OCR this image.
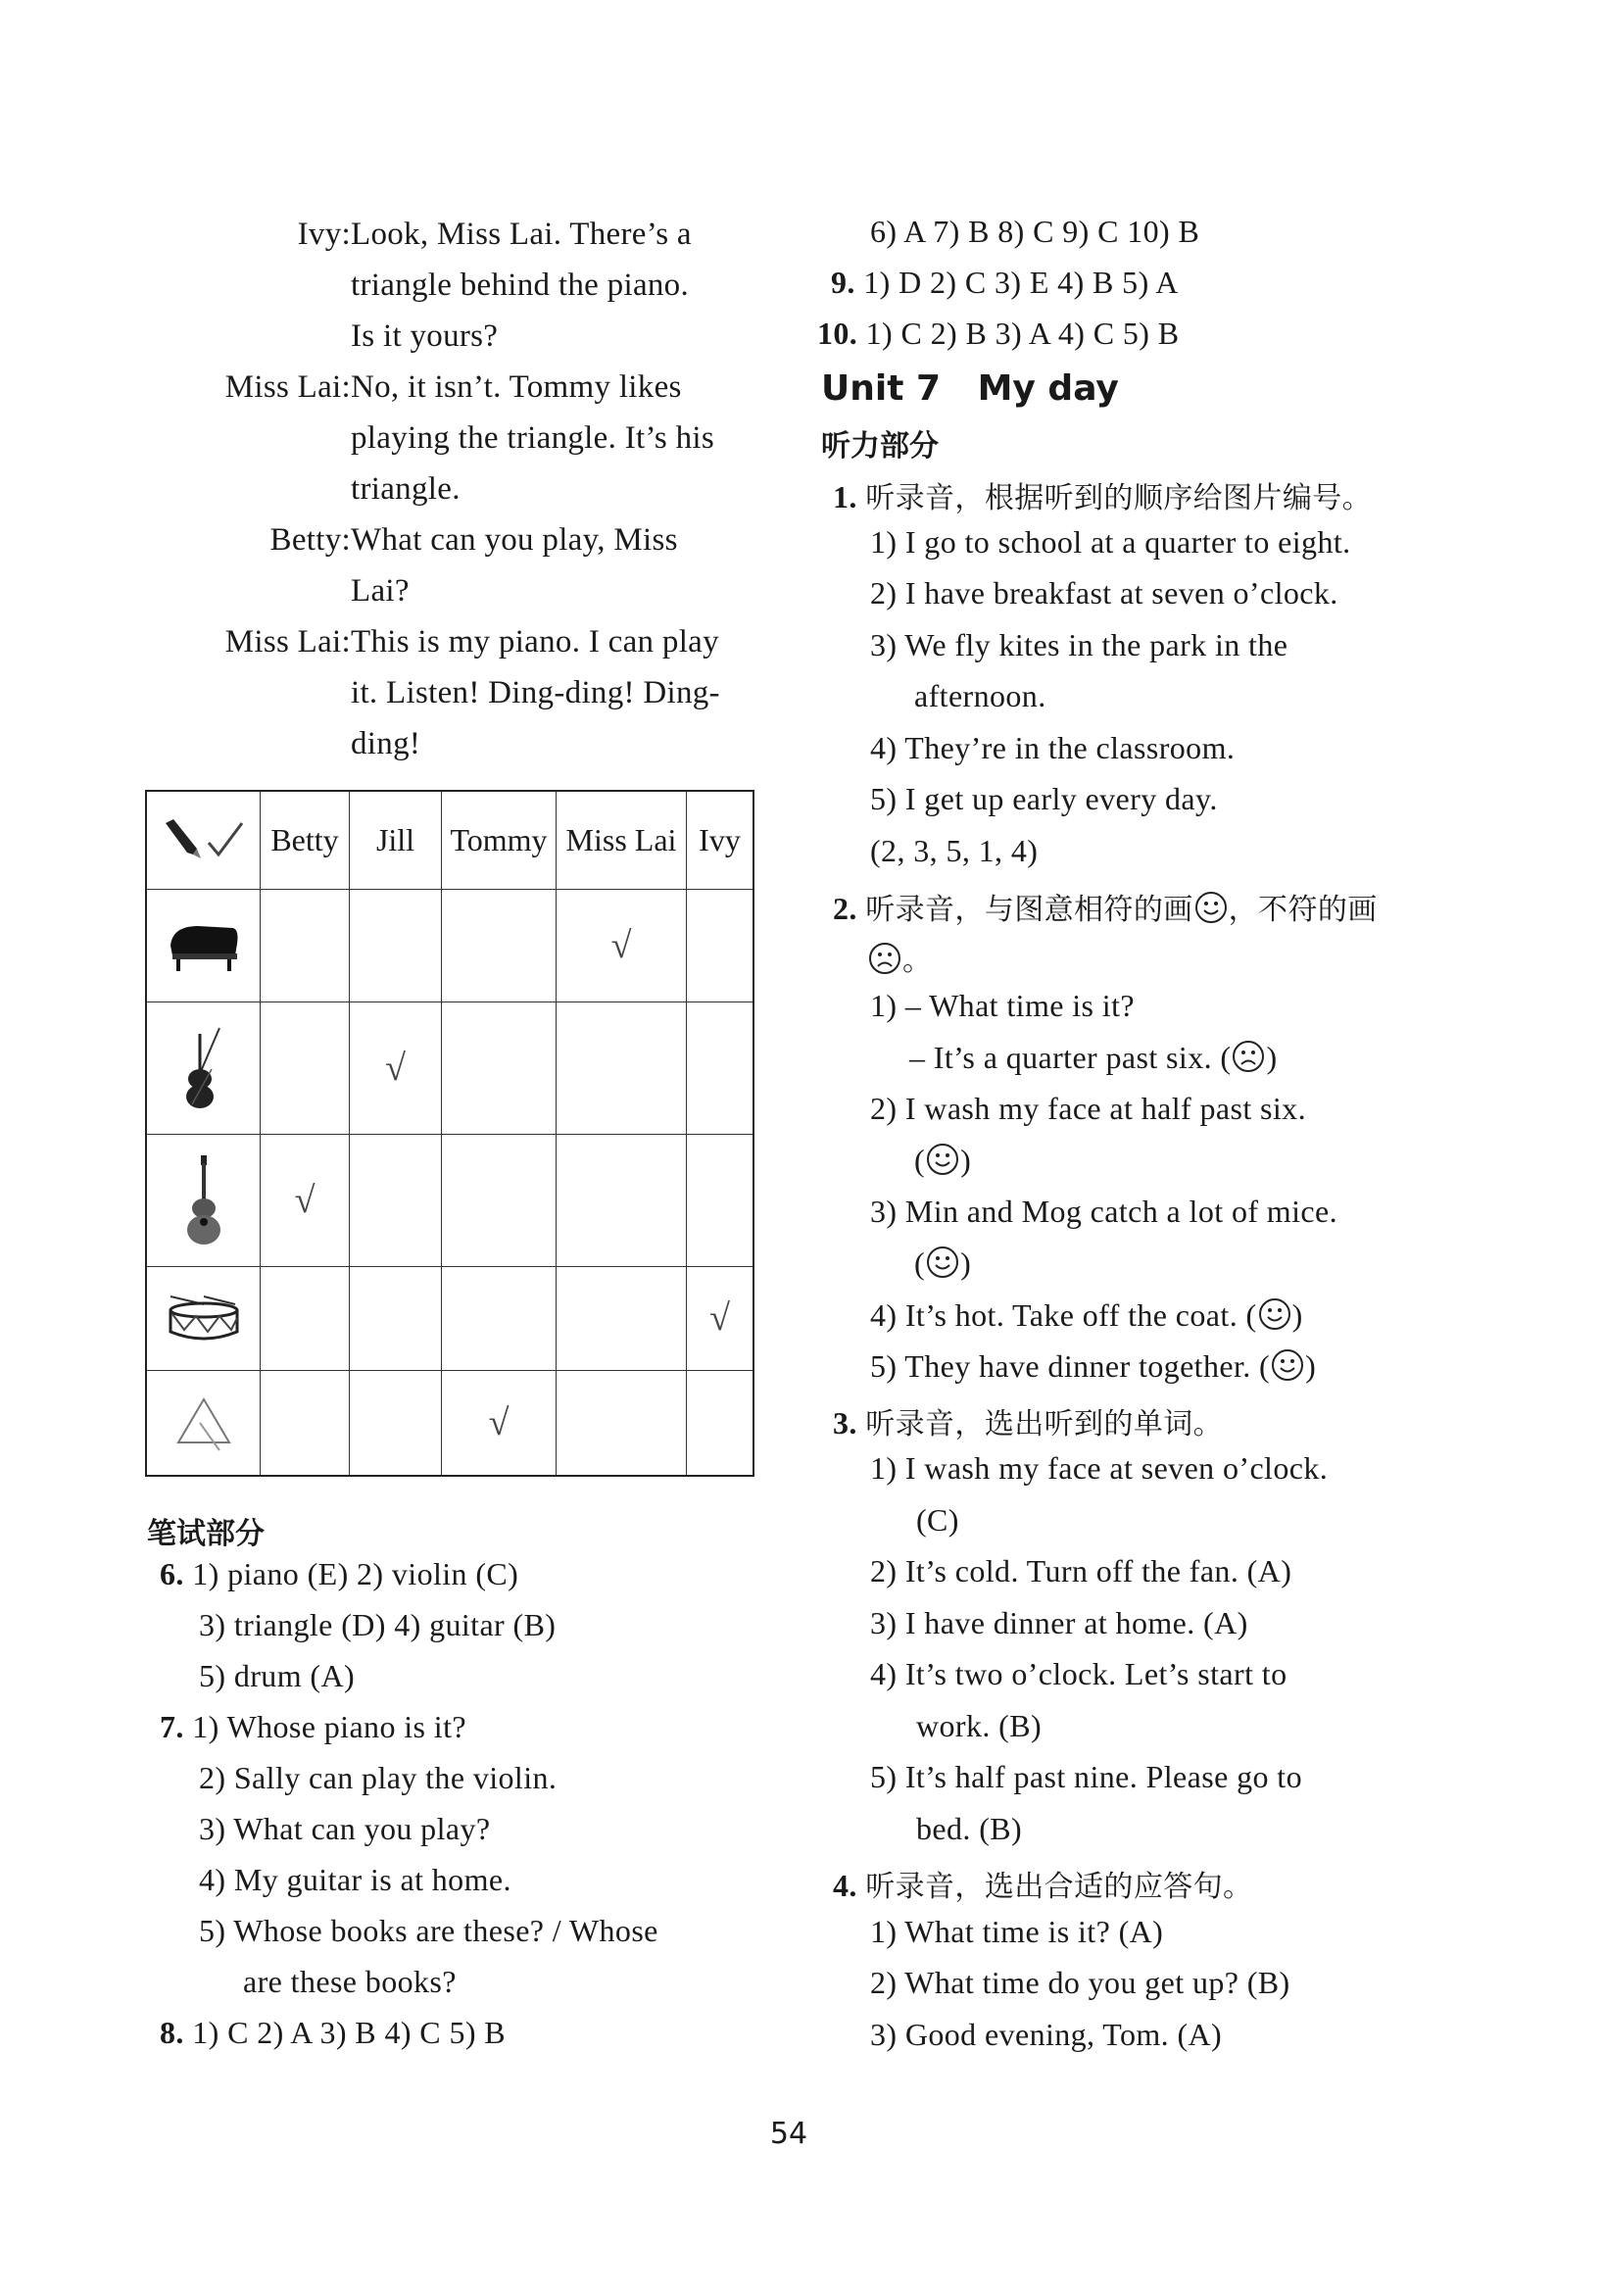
Ivy: Look, Miss Lai. There’s a
triangle behind the piano.
Is it yours?
Miss Lai: No, it isn’t. Tommy likes
playing the triangle. It’s his
triangle.
Betty: What can you play, Miss
Lai?
Miss Lai: This is my piano. I can play
it. Listen! Ding-ding! Ding-
ding!
	Betty	Jill	Tommy	Miss Lai	Ivy

				√	

		√			

	√				

					√

			√		
笔试部分
6. 1) piano (E) 2) violin (C)
3) triangle (D) 4) guitar (B)
5) drum (A)
7. 1) Whose piano is it?
2) Sally can play the violin.
3) What can you play?
4) My guitar is at home.
5) Whose books are these? / Whose
are these books?
8. 1) C 2) A 3) B 4) C 5) B
6) A 7) B 8) C 9) C 10) B
9. 1) D 2) C 3) E 4) B 5) A
10. 1) C 2) B 3) A 4) C 5) B
Unit 7 My day
听力部分
1. 听录音，根据听到的顺序给图片编号。
1) I go to school at a quarter to eight.
2) I have breakfast at seven o’clock.
3) We fly kites in the park in the
afternoon.
4) They’re in the classroom.
5) I get up early every day.
(2, 3, 5, 1, 4)
2. 听录音，与图意相符的画 ，不符的画
。
1) – What time is it?
– It’s a quarter past six. ( )
2) I wash my face at half past six.
( )
3) Min and Mog catch a lot of mice.
( )
4) It’s hot. Take off the coat. ( )
5) They have dinner together. ( )
3. 听录音，选出听到的单词。
1) I wash my face at seven o’clock.
(C)
2) It’s cold. Turn off the fan. (A)
3) I have dinner at home. (A)
4) It’s two o’clock. Let’s start to
work. (B)
5) It’s half past nine. Please go to
bed. (B)
4. 听录音，选出合适的应答句。
1) What time is it? (A)
2) What time do you get up? (B)
3) Good evening, Tom. (A)
54
